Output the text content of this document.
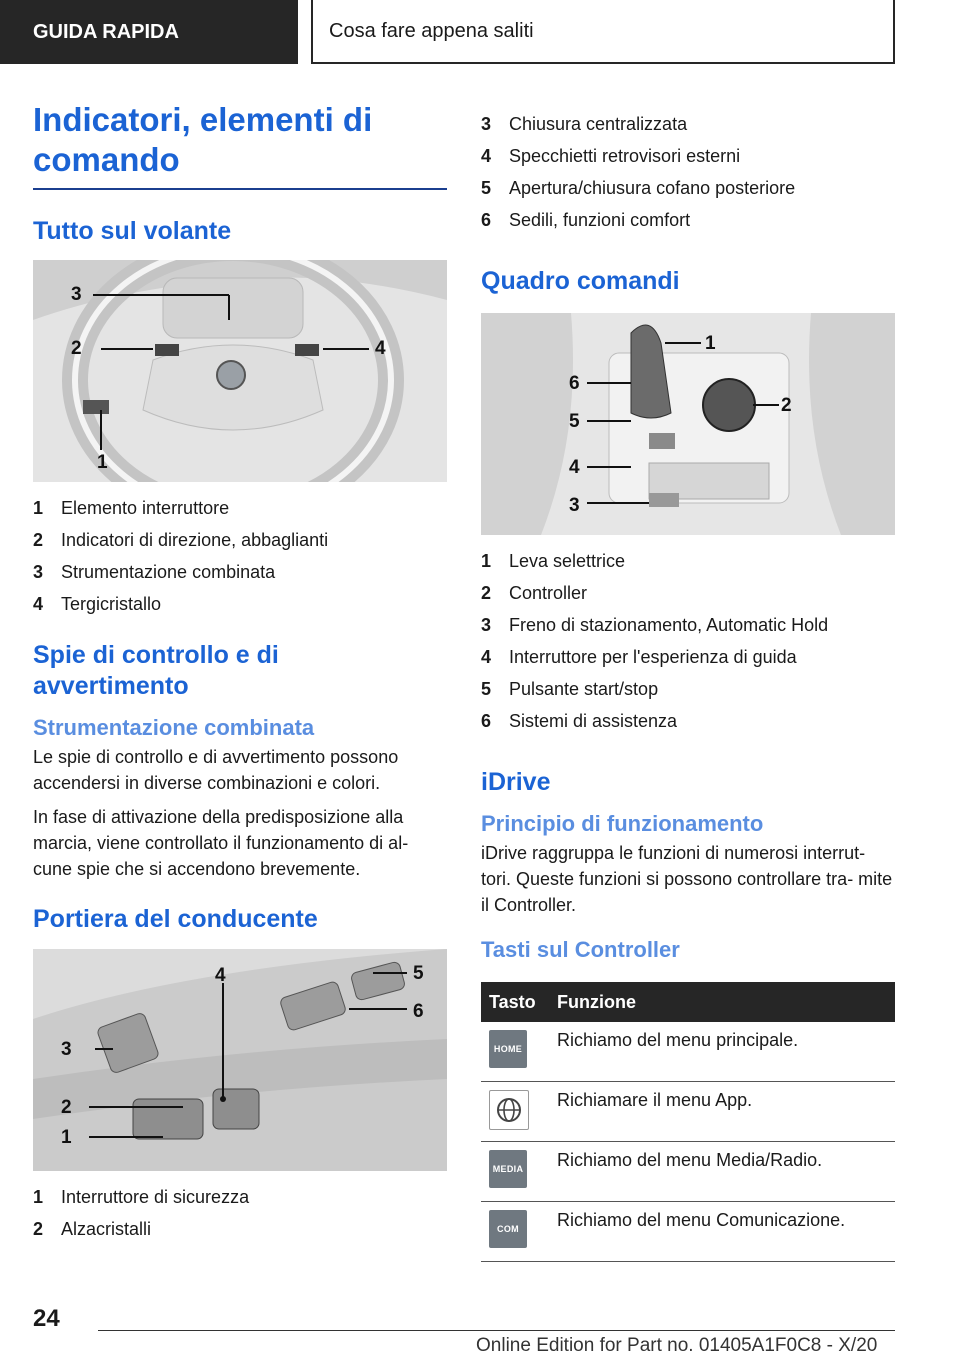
GUIDA RAPIDA	Cosa fare appena saliti
Indicatori, elementi di comando
Tutto sul volante
3
2	4
1
1 Elemento interruttore
2 Indicatori di direzione, abbaglianti
3 Strumentazione combinata
4 Tergicristallo
Spie di controllo e di avvertimento
Strumentazione combinata

Le spie di controllo e di avvertimento possono accendersi in diverse combinazioni e colori.

In fase di attivazione della predisposizione alla marcia, viene controllato il funzionamento di al- cune spie che si accendono brevemente.

Portiera del conducente
4	5
6
3
2
1
1 Interruttore di sicurezza
2 Alzacristalli
3 Chiusura centralizzata
4 Specchietti retrovisori esterni
5 Apertura/chiusura cofano posteriore
6 Sedili, funzioni comfort
Quadro comandi
1
2
6
5
4
3
1 Leva selettrice
2 Controller
3 Freno di stazionamento, Automatic Hold
4 Interruttore per l'esperienza di guida
5 Pulsante start/stop
6 Sistemi di assistenza
iDrive
Principio di funzionamento

iDrive raggruppa le funzioni di numerosi interrut- tori. Queste funzioni si possono controllare tra- mite il Controller.

Tasti sul Controller
Tasto	Funzione

HOME	Richiamo del menu principale.

	Richiamare il menu App.

MEDIA	Richiamo del menu Media/Radio.

COM	Richiamo del menu Comunicazione.
24
Online Edition for Part no. 01405A1F0C8 - X/20
